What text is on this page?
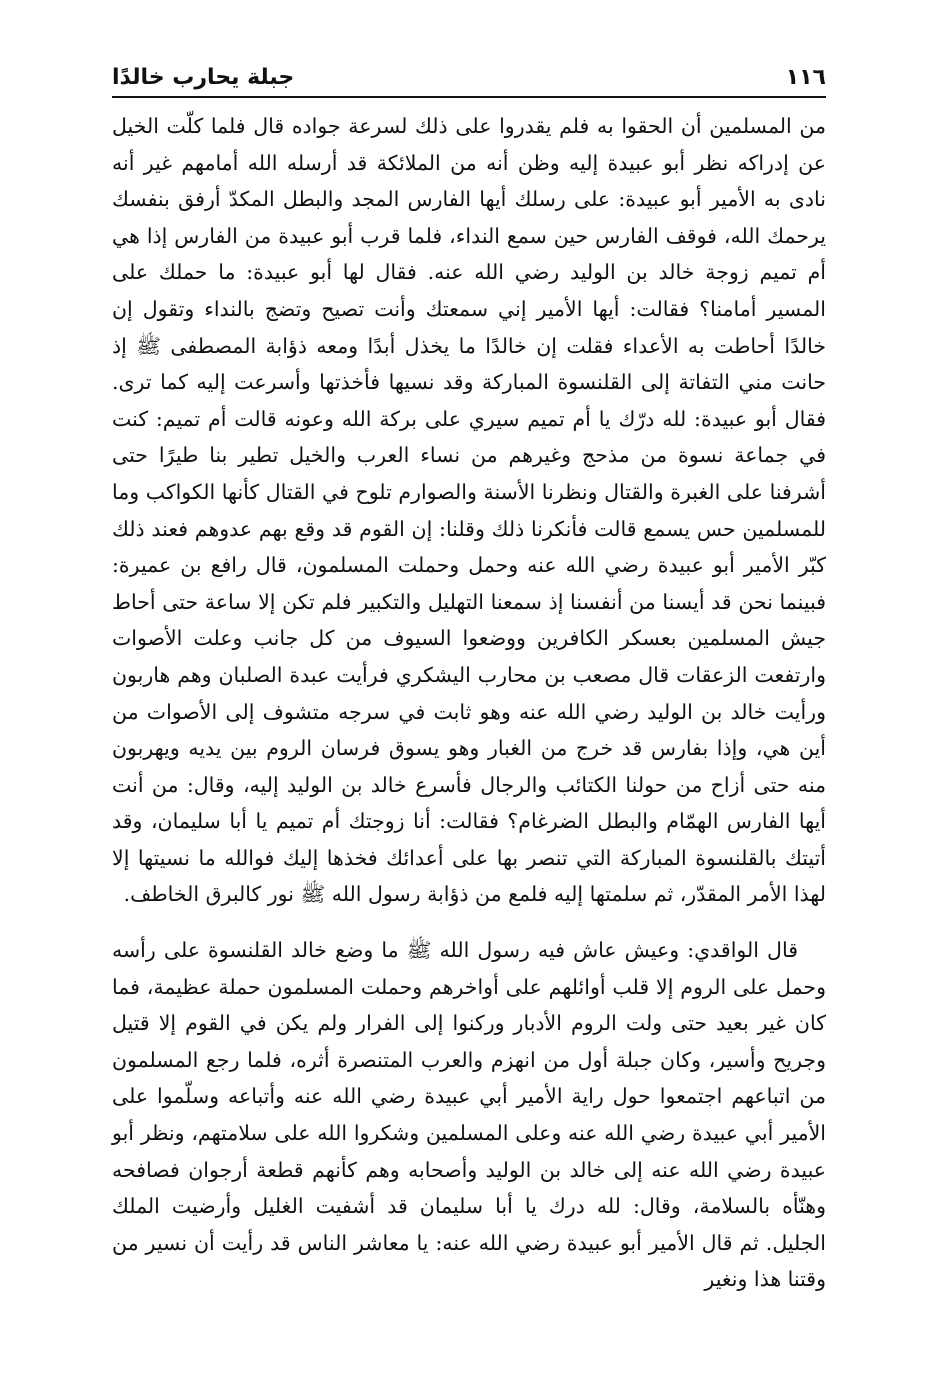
١١٦
جبلة يحارب خالدًا

من المسلمين أن الحقوا به فلم يقدروا على ذلك لسرعة جواده قال فلما كلّت الخيل عن إدراكه نظر أبو عبيدة إليه وظن أنه من الملائكة قد أرسله الله أمامهم غير أنه نادى به الأمير أبو عبيدة: على رسلك أيها الفارس المجد والبطل المكدّ أرفق بنفسك يرحمك الله، فوقف الفارس حين سمع النداء، فلما قرب أبو عبيدة من الفارس إذا هي أم تميم زوجة خالد بن الوليد رضي الله عنه. فقال لها أبو عبيدة: ما حملك على المسير أمامنا؟ فقالت: أيها الأمير إني سمعتك وأنت تصيح وتضج بالنداء وتقول إن خالدًا أحاطت به الأعداء فقلت إن خالدًا ما يخذل أبدًا ومعه ذؤابة المصطفى ﷺ إذ حانت مني التفاتة إلى القلنسوة المباركة وقد نسيها فأخذتها وأسرعت إليه كما ترى. فقال أبو عبيدة: لله درّك يا أم تميم سيري على بركة الله وعونه قالت أم تميم: كنت في جماعة نسوة من مذحج وغيرهم من نساء العرب والخيل تطير بنا طيرًا حتى أشرفنا على الغبرة والقتال ونظرنا الأسنة والصوارم تلوح في القتال كأنها الكواكب وما للمسلمين حس يسمع قالت فأنكرنا ذلك وقلنا: إن القوم قد وقع بهم عدوهم فعند ذلك كبّر الأمير أبو عبيدة رضي الله عنه وحمل وحملت المسلمون، قال رافع بن عميرة: فبينما نحن قد أيسنا من أنفسنا إذ سمعنا التهليل والتكبير فلم تكن إلا ساعة حتى أحاط جيش المسلمين بعسكر الكافرين ووضعوا السيوف من كل جانب وعلت الأصوات وارتفعت الزعقات قال مصعب بن محارب اليشكري فرأيت عبدة الصلبان وهم هاربون ورأيت خالد بن الوليد رضي الله عنه وهو ثابت في سرجه متشوف إلى الأصوات من أين هي، وإذا بفارس قد خرج من الغبار وهو يسوق فرسان الروم بين يديه ويهربون منه حتى أزاح من حولنا الكتائب والرجال فأسرع خالد بن الوليد إليه، وقال: من أنت أيها الفارس الهمّام والبطل الضرغام؟ فقالت: أنا زوجتك أم تميم يا أبا سليمان، وقد أتيتك بالقلنسوة المباركة التي تنصر بها على أعدائك فخذها إليك فوالله ما نسيتها إلا لهذا الأمر المقدّر، ثم سلمتها إليه فلمع من ذؤابة رسول الله ﷺ نور كالبرق الخاطف.

قال الواقدي: وعيش عاش فيه رسول الله ﷺ ما وضع خالد القلنسوة على رأسه وحمل على الروم إلا قلب أوائلهم على أواخرهم وحملت المسلمون حملة عظيمة، فما كان غير بعيد حتى ولت الروم الأدبار وركنوا إلى الفرار ولم يكن في القوم إلا قتيل وجريح وأسير، وكان جبلة أول من انهزم والعرب المتنصرة أثره، فلما رجع المسلمون من اتباعهم اجتمعوا حول راية الأمير أبي عبيدة رضي الله عنه وأتباعه وسلّموا على الأمير أبي عبيدة رضي الله عنه وعلى المسلمين وشكروا الله على سلامتهم، ونظر أبو عبيدة رضي الله عنه إلى خالد بن الوليد وأصحابه وهم كأنهم قطعة أرجوان فصافحه وهنّأه بالسلامة، وقال: لله درك يا أبا سليمان قد أشفيت الغليل وأرضيت الملك الجليل. ثم قال الأمير أبو عبيدة رضي الله عنه: يا معاشر الناس قد رأيت أن نسير من وقتنا هذا ونغير
